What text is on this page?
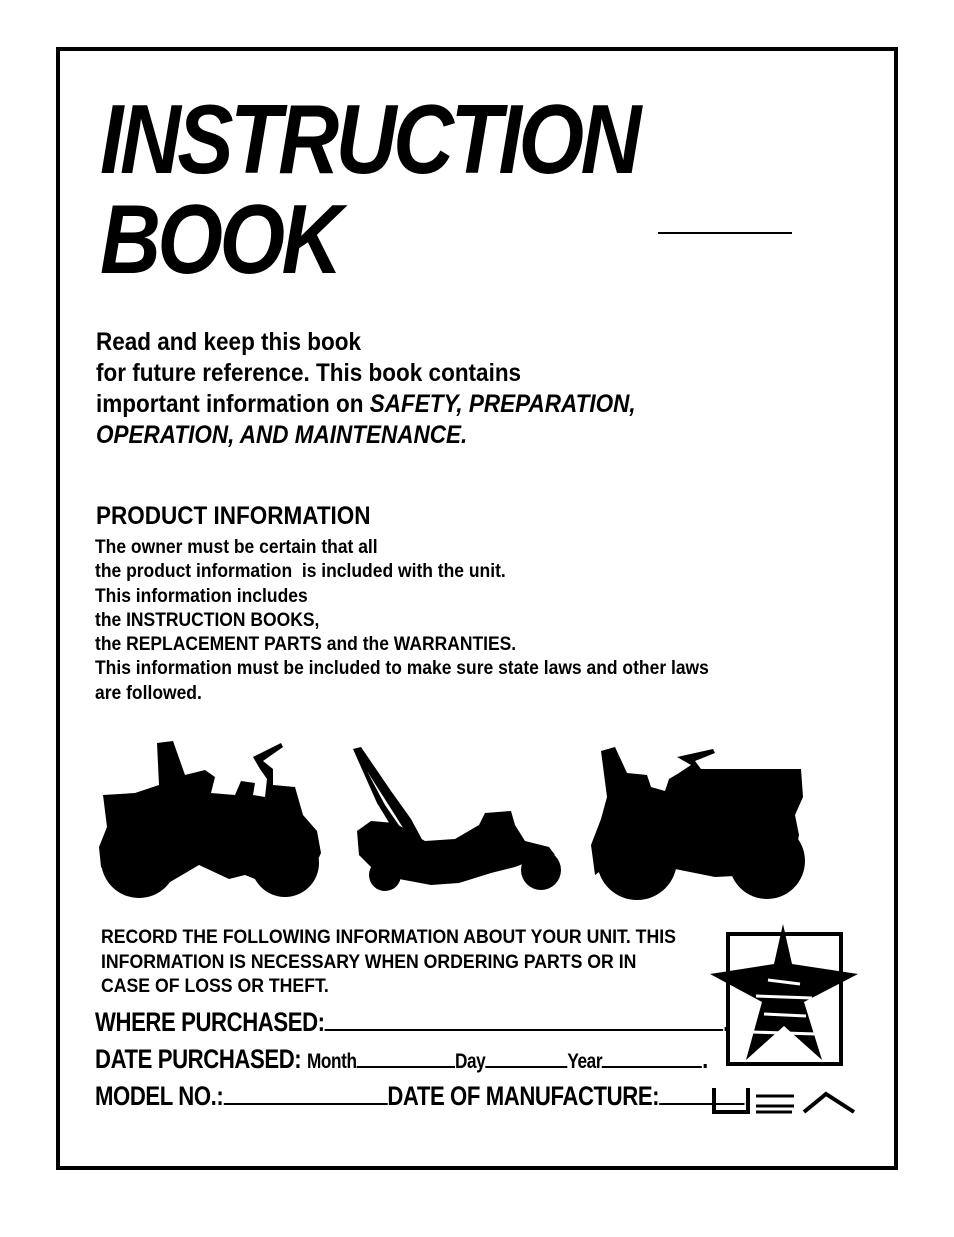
INSTRUCTION
BOOK
Read and keep this book
for future reference. This book contains
important information on SAFETY, PREPARATION,
OPERATION, AND MAINTENANCE.
PRODUCT INFORMATION
The owner must be certain that all
the product information  is included with the unit.
This information includes
the INSTRUCTION BOOKS,
the REPLACEMENT PARTS and the WARRANTIES.
This information must be included to make sure state laws and other laws
are followed.
RECORD THE FOLLOWING INFORMATION ABOUT YOUR UNIT. THIS
INFORMATION IS NECESSARY WHEN ORDERING PARTS OR IN
CASE OF LOSS OR THEFT.
WHERE PURCHASED:	.
DATE PURCHASED: Month	Day	Year	.
MODEL NO.:	DATE OF MANUFACTURE:	.
USA
